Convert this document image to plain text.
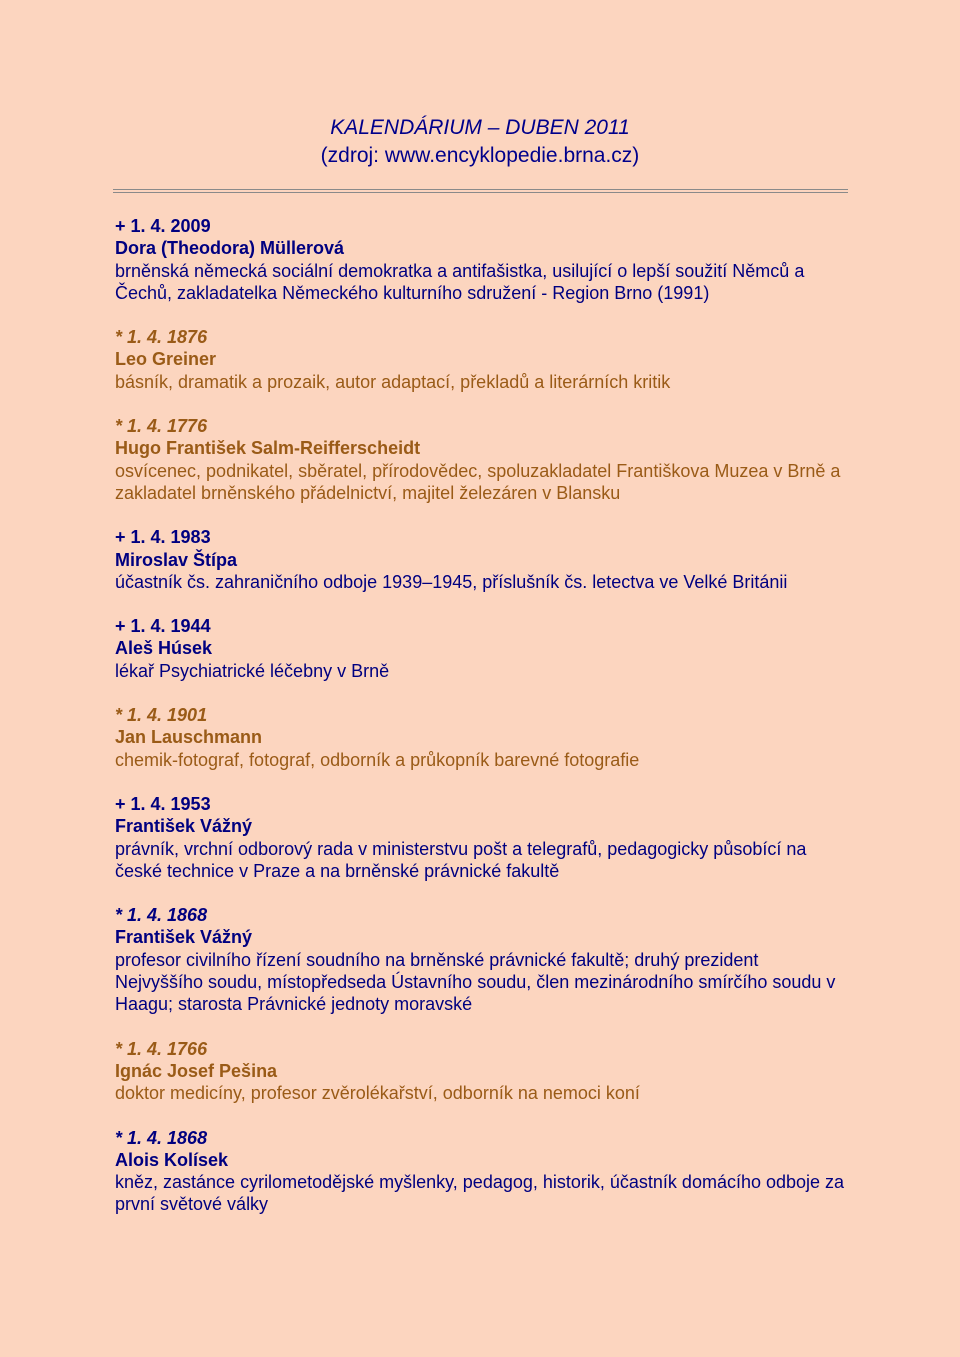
KALENDÁRIUM – DUBEN 2011
(zdroj: www.encyklopedie.brna.cz)
+ 1. 4. 2009
Dora (Theodora) Müllerová
brněnská německá sociální demokratka a antifašistka, usilující o lepší soužití Němců a Čechů, zakladatelka Německého kulturního sdružení - Region Brno (1991)
* 1. 4. 1876
Leo Greiner
básník, dramatik a prozaik, autor adaptací, překladů a literárních kritik
* 1. 4. 1776
Hugo František Salm-Reifferscheidt
osvícenec, podnikatel, sběratel, přírodovědec, spoluzakladatel Františkova Muzea v Brně a zakladatel brněnského přádelnictví, majitel železáren v Blansku
+ 1. 4. 1983
Miroslav Štípa
účastník čs. zahraničního odboje 1939–1945, příslušník čs. letectva ve Velké Británii
+ 1. 4. 1944
Aleš Húsek
lékař Psychiatrické léčebny v Brně
* 1. 4. 1901
Jan Lauschmann
chemik-fotograf, fotograf, odborník a průkopník barevné fotografie
+ 1. 4. 1953
František Vážný
právník, vrchní odborový rada v ministerstvu pošt a telegrafů, pedagogicky působící na české technice v Praze a na brněnské právnické fakultě
* 1. 4. 1868
František Vážný
profesor civilního řízení soudního na brněnské právnické fakultě; druhý prezident Nejvyššího soudu, místopředseda Ústavního soudu, člen mezinárodního smírčího soudu v Haagu; starosta Právnické jednoty moravské
* 1. 4. 1766
Ignác Josef Pešina
doktor medicíny, profesor zvěrolékařství, odborník na nemoci koní
* 1. 4. 1868
Alois Kolísek
kněz, zastánce cyrilometodějské myšlenky, pedagog, historik, účastník domácího odboje za první světové války
